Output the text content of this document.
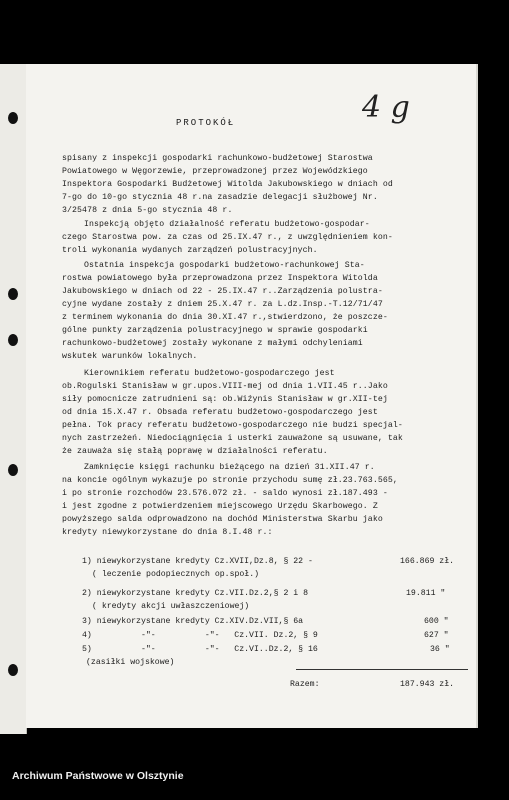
4 g
PROTOKÓŁ
spisany z inspekcji gospodarki rachunkowo-budżetowej Starostwa
Powiatowego w Węgorzewie, przeprowadzonej przez Wojewódzkiego
Inspektora Gospodarki Budżetowej Witolda Jakubowskiego w dniach od
7-go do 10-go stycznia 48 r.na zasadzie delegacji służbowej Nr.
3/25478 z dnia 5-go stycznia 48 r.
Inspekcją objęto działalność referatu budżetowo-gospodar-
czego Starostwa pow. za czas od 25.IX.47 r., z uwzględnieniem kon-
troli wykonania wydanych zarządzeń polustracyjnych.
Ostatnia inspekcja gospodarki budżetowo-rachunkowej Sta-
rostwa powiatowego była przeprowadzona przez Inspektora Witolda
Jakubowskiego w dniach od 22 - 25.IX.47 r..Zarządzenia polustra-
cyjne wydane zostały z dniem 25.X.47 r. za L.dz.Insp.-T.12/71/47
z terminem wykonania do dnia 30.XI.47 r.,stwierdzono, że poszcze-
gólne punkty zarządzenia polustracyjnego w sprawie gospodarki
rachunkowo-budżetowej zostały wykonane z małymi odchyleniami
wskutek warunków lokalnych.
Kierownikiem referatu budżetowo-gospodarczego jest
ob.Rogulski Stanisław w gr.upos.VIII-mej od dnia 1.VII.45 r..Jako
siły pomocnicze zatrudnieni są: ob.Wiźynis Stanisław w gr.XII-tej
od dnia 15.X.47 r. Obsada referatu budżetowo-gospodarczego jest
pełna. Tok pracy referatu budżetowo-gospodarczego nie budzi specjal-
nych zastrzeżeń. Niedociągnięcia i usterki zauważone są usuwane, tak
że zauważa się stałą poprawę w działalności referatu.
Zamknięcie księgi rachunku bieżącego na dzień 31.XII.47 r.
na koncie ogólnym wykazuje po stronie przychodu sumę zł.23.763.565,
i po stronie rozchodów 23.576.072 zł. - saldo wynosi zł.187.493 -
i jest zgodne z potwierdzeniem miejscowego Urzędu Skarbowego. Z
powyższego salda odprowadzono na dochód Ministerstwa Skarbu jako
kredyty niewykorzystane do dnia 8.I.48 r.:
1) niewykorzystane kredyty Cz.XVII,Dz.8, § 22 -
( leczenie podopiecznych op.społ.)
2) niewykorzystane kredyty Cz.VII.Dz.2,§ 2 i 8
( kredyty akcji uwłaszczeniowej)
3) niewykorzystane kredyty Cz.XIV.Dz.VII,§ 6a
4)          -"-          -"-   Cz.VII. Dz.2, § 9
5)          -"-          -"-   Cz.VI..Dz.2, § 16
(zasiłki wojskowe)
166.869 zł.
19.811 "
600 "
627 "
36 "
Razem:	187.943 zł.
Archiwum Państwowe w Olsztynie
